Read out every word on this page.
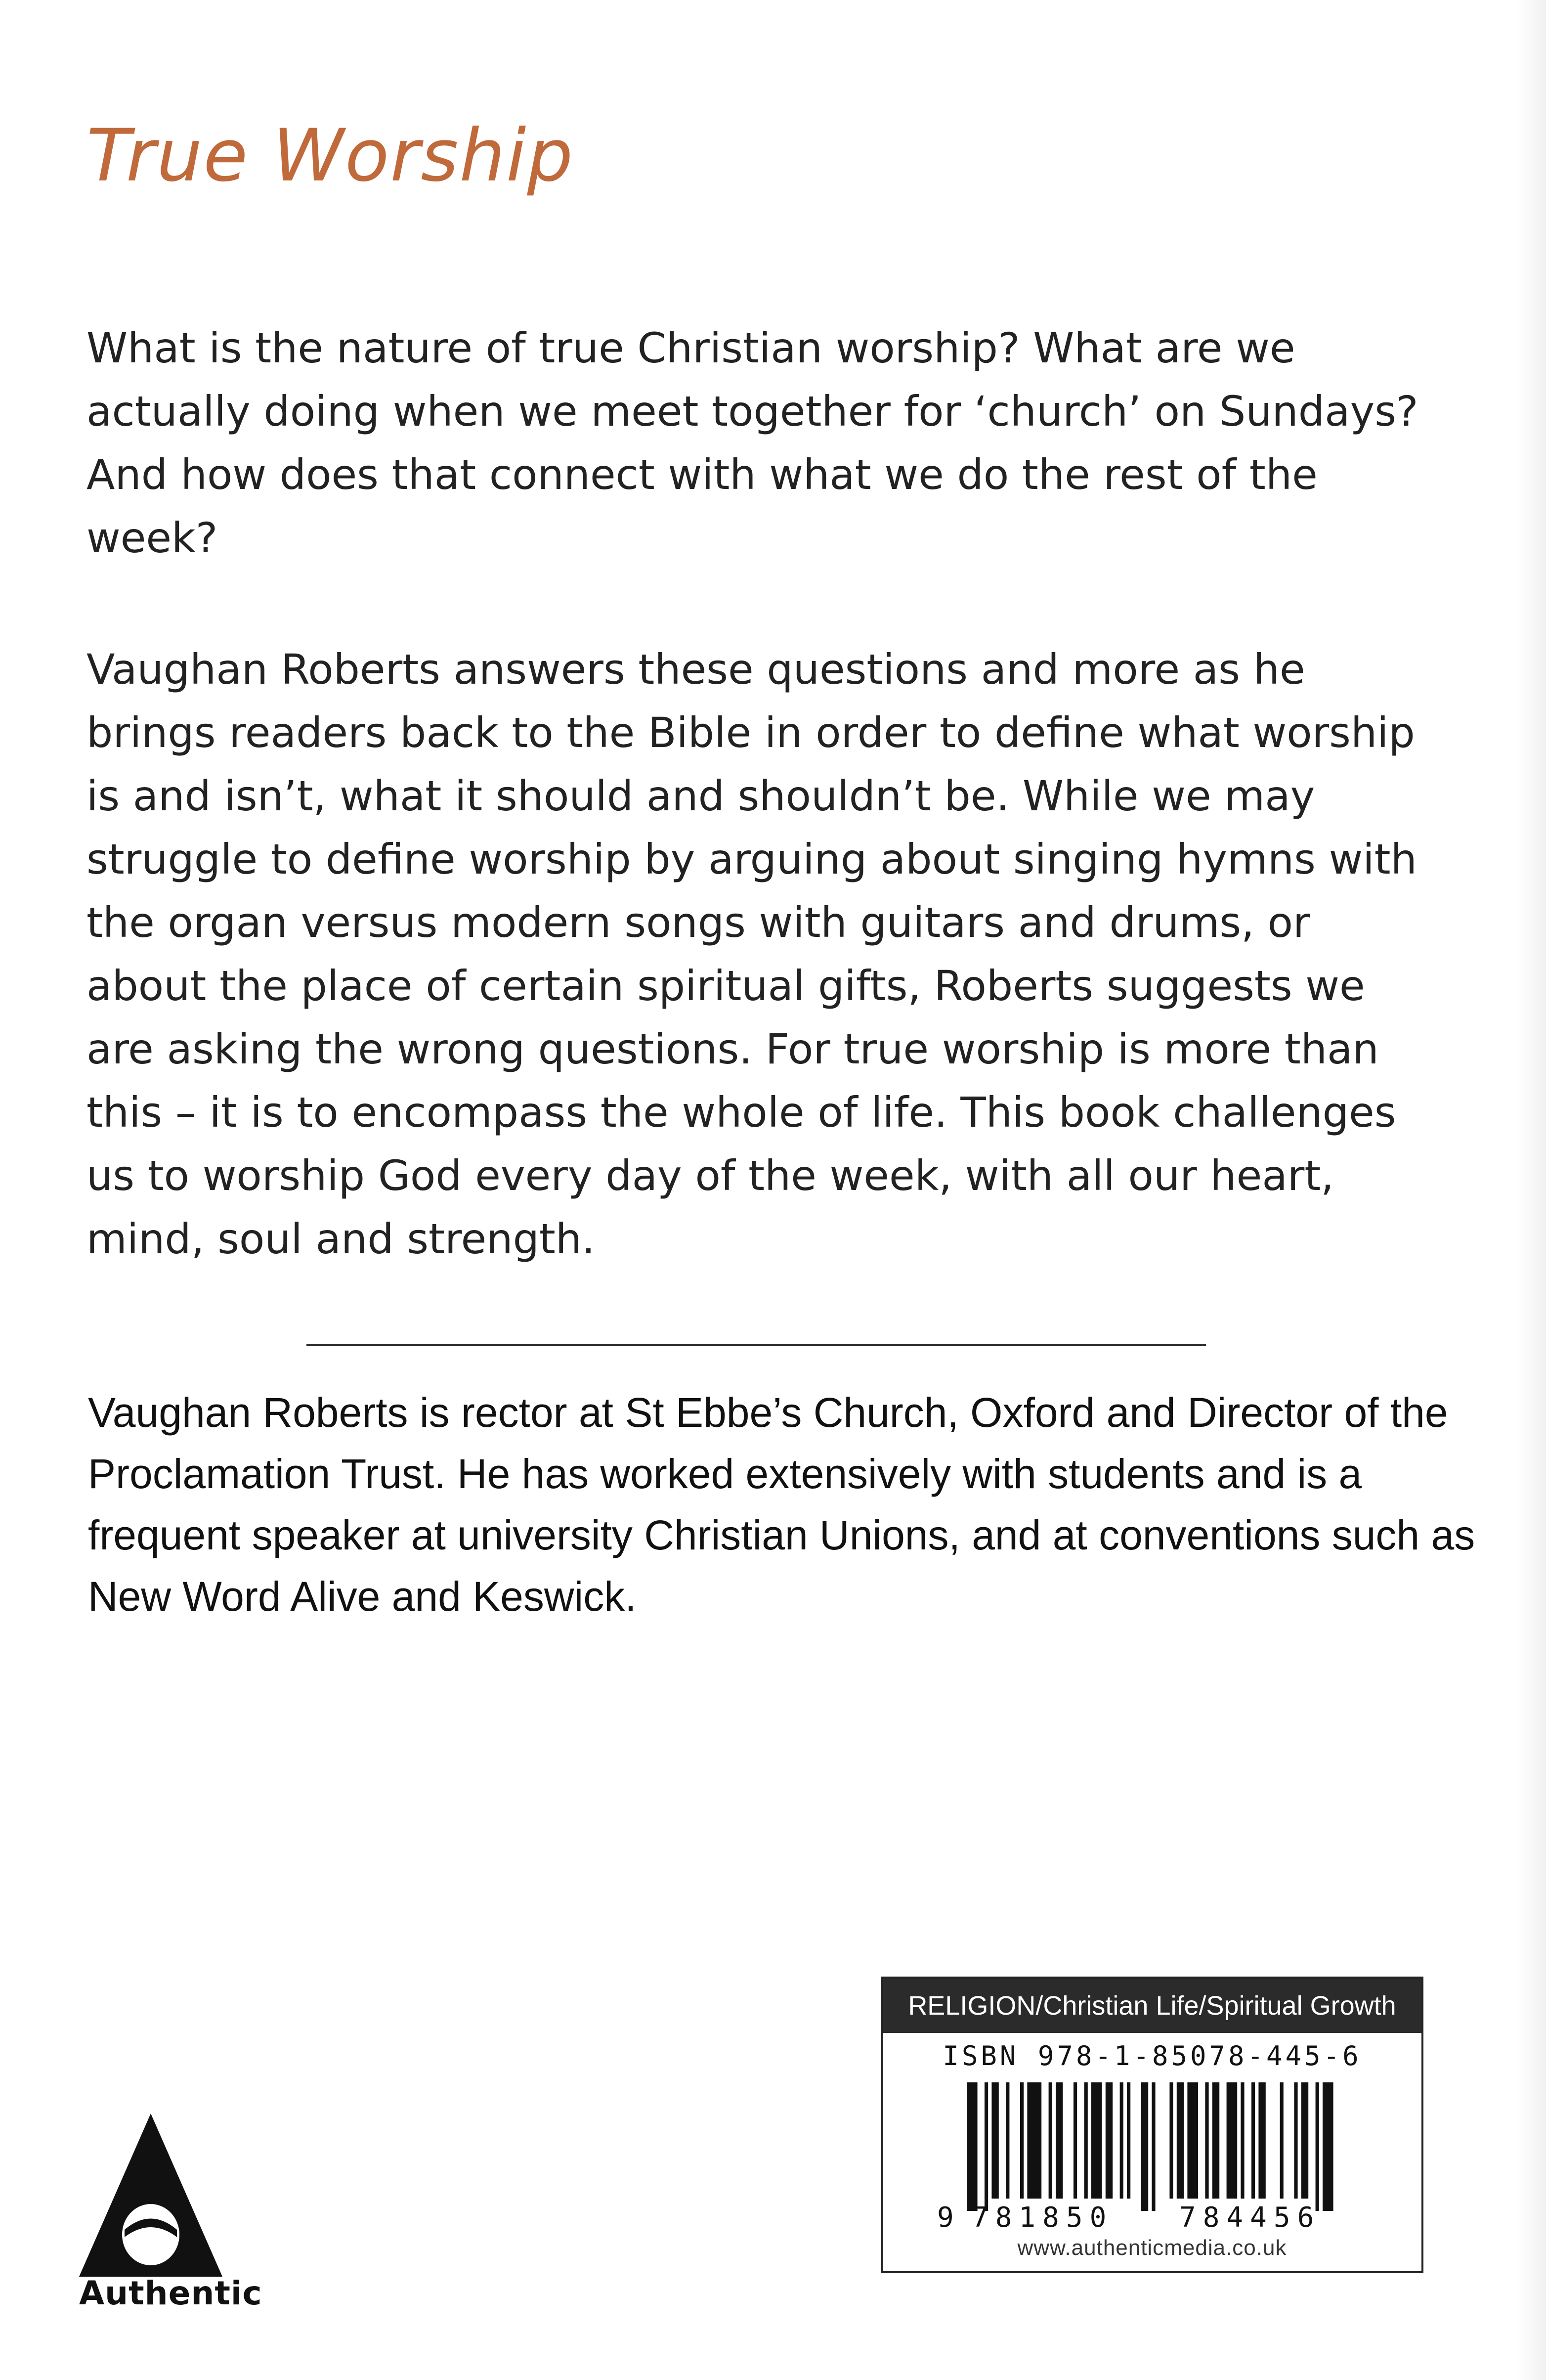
True Worship

What is the nature of true Christian worship? What are we actually doing when we meet together for ‘church’ on Sundays? And how does that connect with what we do the rest of the week?

Vaughan Roberts answers these questions and more as he brings readers back to the Bible in order to define what worship is and isn’t, what it should and shouldn’t be. While we may struggle to define worship by arguing about singing hymns with the organ versus modern songs with guitars and drums, or about the place of certain spiritual gifts, Roberts suggests we are asking the wrong questions. For true worship is more than this – it is to encompass the whole of life. This book challenges us to worship God every day of the week, with all our heart, mind, soul and strength.

Vaughan Roberts is rector at St Ebbe’s Church, Oxford and Director of the Proclamation Trust. He has worked extensively with students and is a frequent speaker at university Christian Unions, and at conventions such as New Word Alive and Keswick.

Authentic
RELIGION/Christian Life/Spiritual Growth
ISBN 978-1-85078-445-6
9 781850 784456
www.authenticmedia.co.uk
